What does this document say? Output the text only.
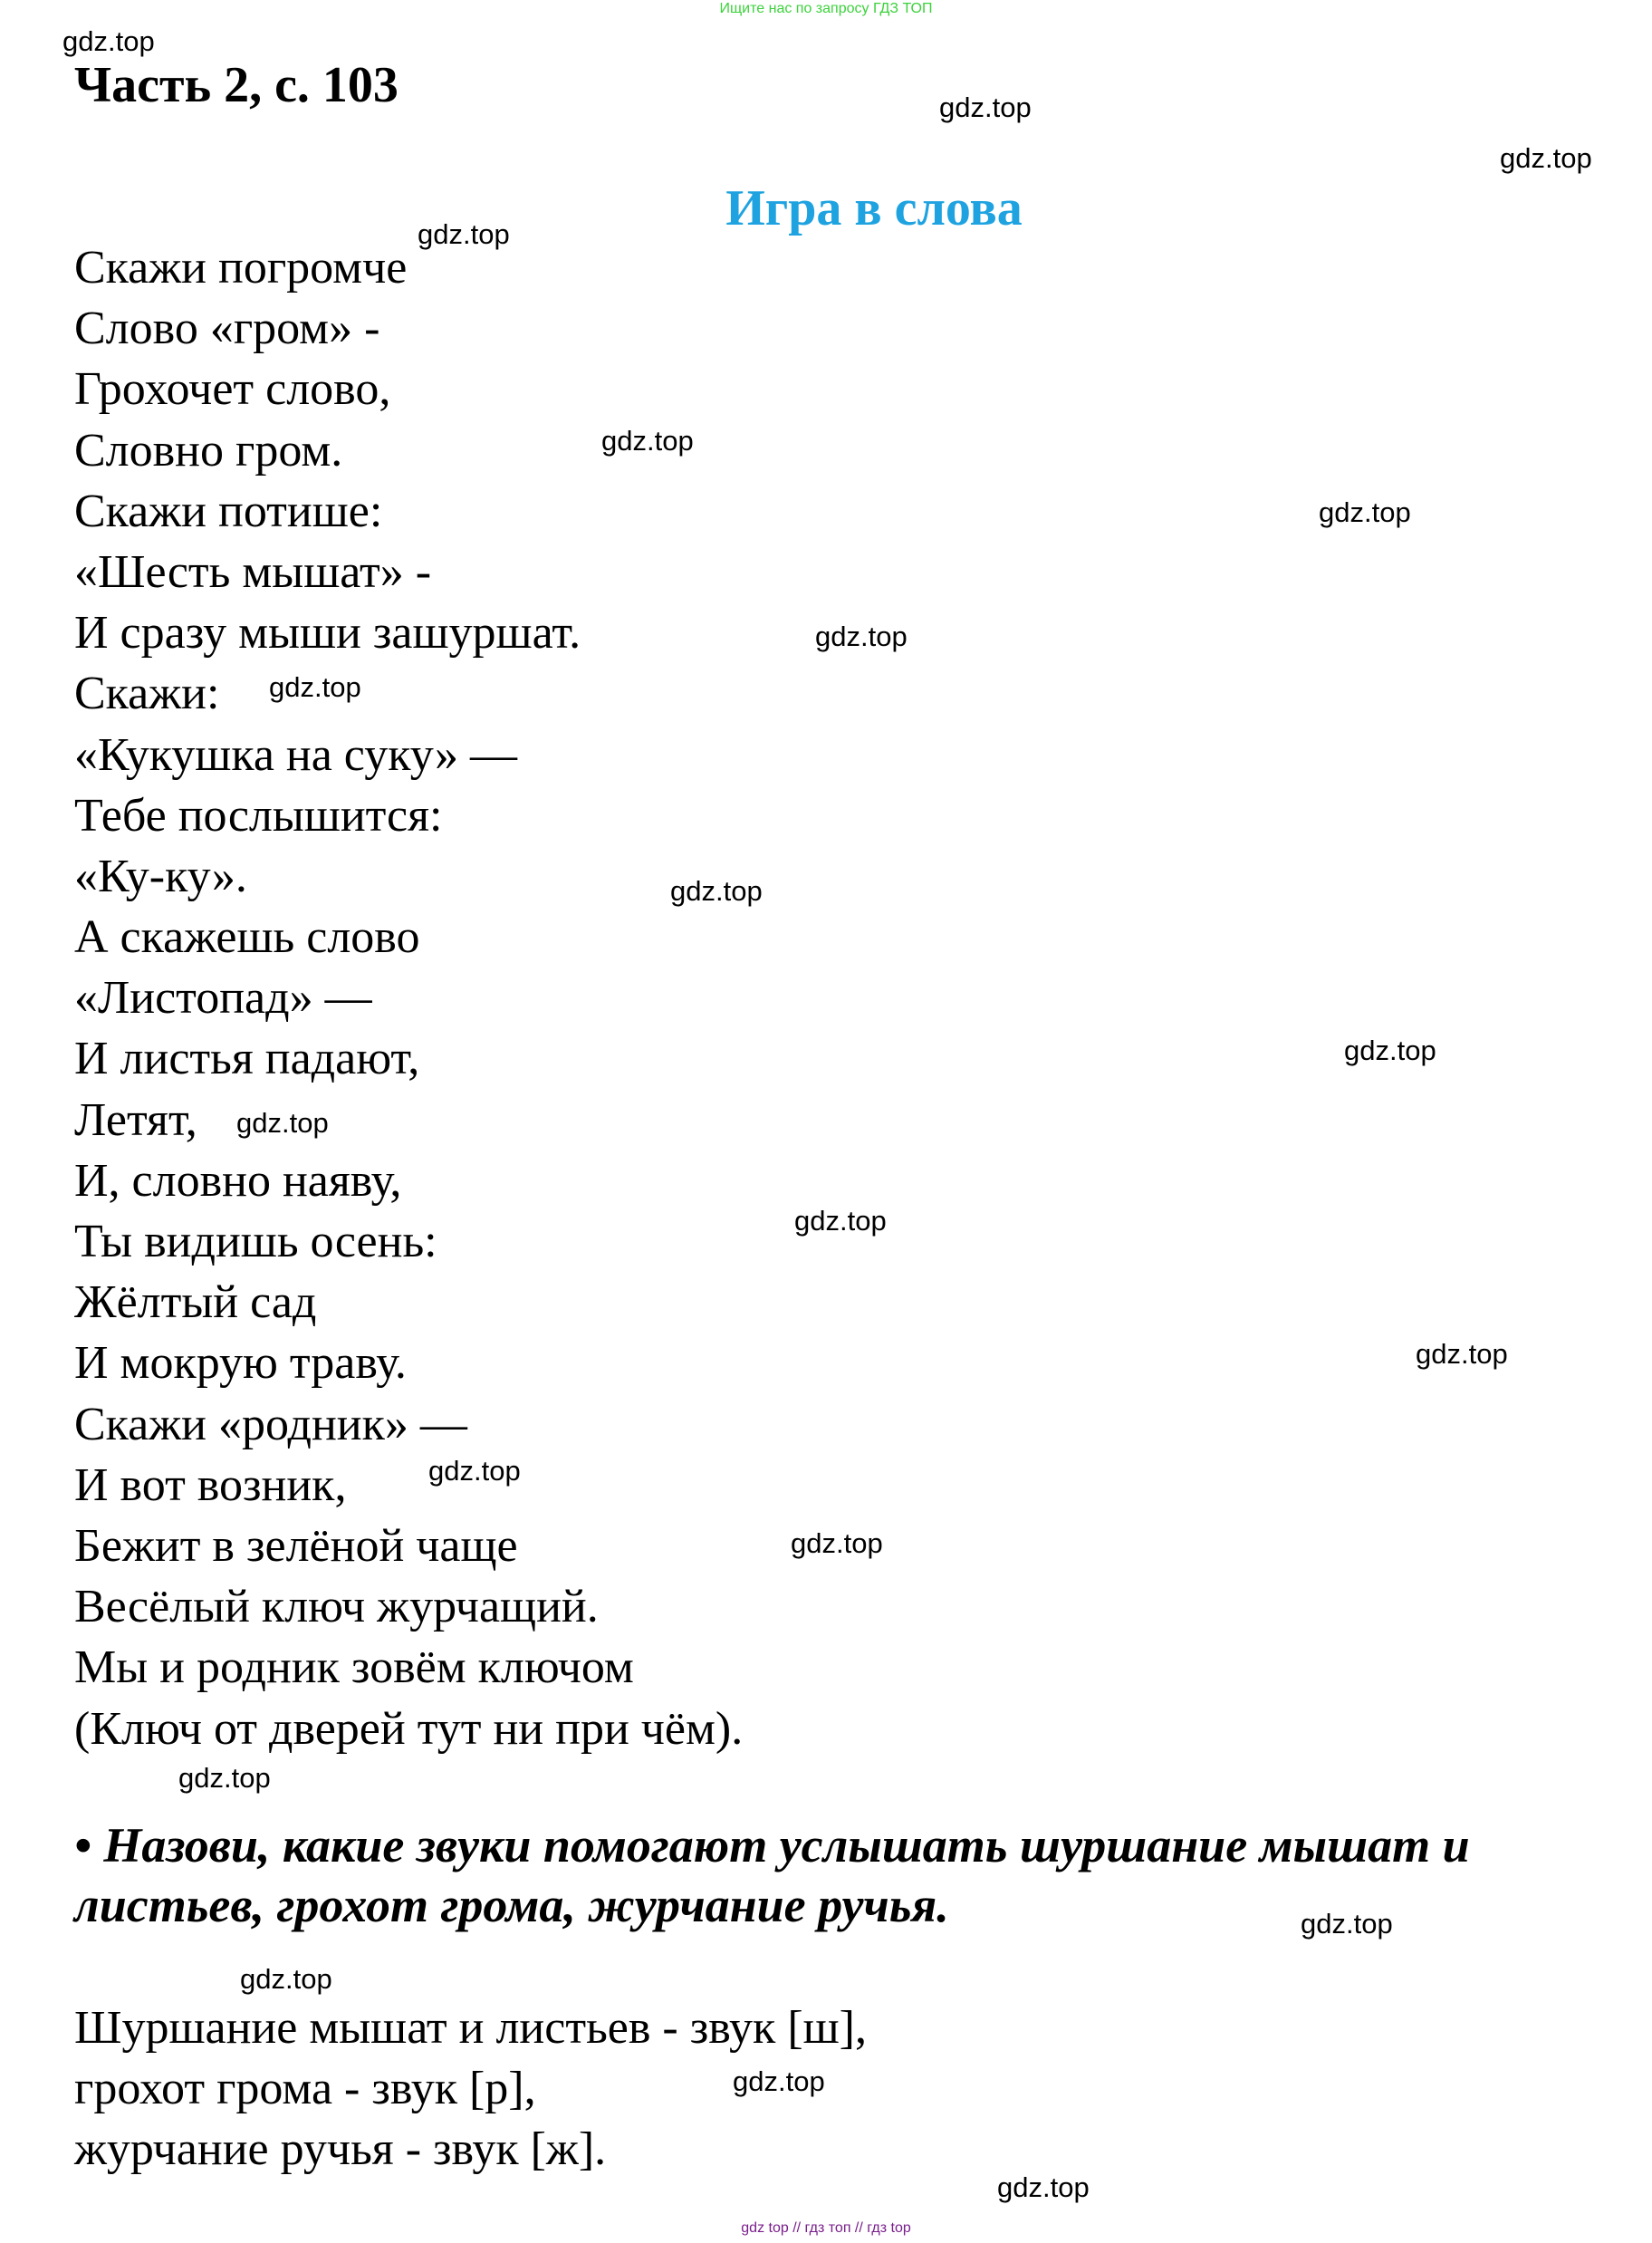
Ищите нас по запросу ГДЗ ТОП
Часть 2, с. 103
Игра в слова
Скажи погромче
Слово «гром» -
Грохочет слово,
Словно гром.
Скажи потише:
«Шесть мышат» -
И сразу мыши зашуршат.
Скажи:
«Кукушка на суку» —
Тебе послышится:
«Ку-ку».
А скажешь слово
«Листопад» —
И листья падают,
Летят,
И, словно наяву,
Ты видишь осень:
Жёлтый сад
И мокрую траву.
Скажи «родник» —
И вот возник,
Бежит в зелёной чаще
Весёлый ключ журчащий.
Мы и родник зовём ключом
(Ключ от дверей тут ни при чём).

• Назови, какие звуки помогают услышать шуршание мышат и листьев, грохот грома, журчание ручья.

Шуршание мышат и листьев - звук [ш],
грохот грома - звук [р],
журчание ручья - звук [ж].
gdz.top
gdz.top
gdz.top
gdz.top
gdz.top
gdz.top
gdz.top
gdz.top
gdz.top
gdz.top
gdz.top
gdz.top
gdz.top
gdz.top
gdz.top
gdz.top
gdz.top
gdz.top
gdz.top
gdz.top
gdz top // гдз топ // гдз top
